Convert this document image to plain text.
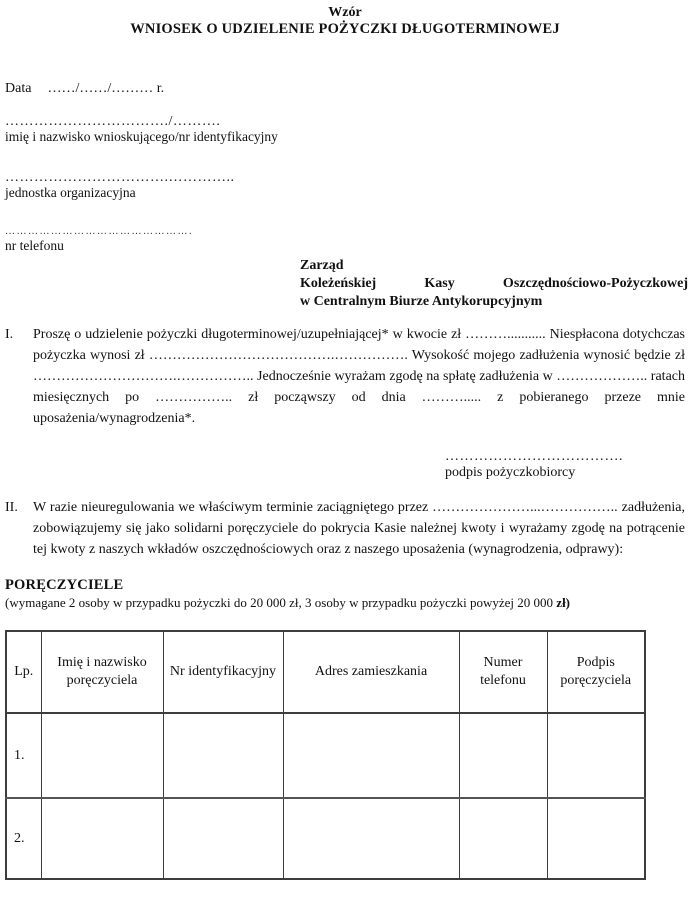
Wzór
WNIOSEK O UDZIELENIE POŻYCZKI DŁUGOTERMINOWEJ
Data ……/……/……… r.
……………………………./……….
imię i nazwisko wnioskującego/nr identyfikacyjny
…………………………….…………..
jednostka organizacyjna
………………………………………….
nr telefonu
Zarząd
Koleżeńskiej Kasy Oszczędnościowo-Pożyczkowej
w Centralnym Biurze Antykorupcyjnym
I. Proszę o udzielenie pożyczki długoterminowej/uzupełniającej* w kwocie zł ………........... Niespłacona dotychczas pożyczka wynosi zł ………………………………….……………. Wysokość mojego zadłużenia wynosić będzie zł ………………………….…………….. Jednocześnie wyrażam zgodę na spłatę zadłużenia w ……………….. ratach miesięcznych po …………….. zł począwszy od dnia ………..... z pobieranego przeze mnie uposażenia/wynagrodzenia*.
……………………………….
podpis pożyczkobiorcy
II. W razie nieuregulowania we właściwym terminie zaciągniętego przez …………………...…………….. zadłużenia, zobowiązujemy się jako solidarni poręczyciele do pokrycia Kasie należnej kwoty i wyrażamy zgodę na potrącenie tej kwoty z naszych wkładów oszczędnościowych oraz z naszego uposażenia (wynagrodzenia, odprawy):
PORĘCZYCIELE
(wymagane 2 osoby w przypadku pożyczki do 20 000 zł, 3 osoby w przypadku pożyczki powyżej 20 000 zł)
Lp.	Imię i nazwisko poręczyciela	Nr identyfikacyjny	Adres zamieszkania	Numer telefonu	Podpis poręczyciela
1.					
2.					
